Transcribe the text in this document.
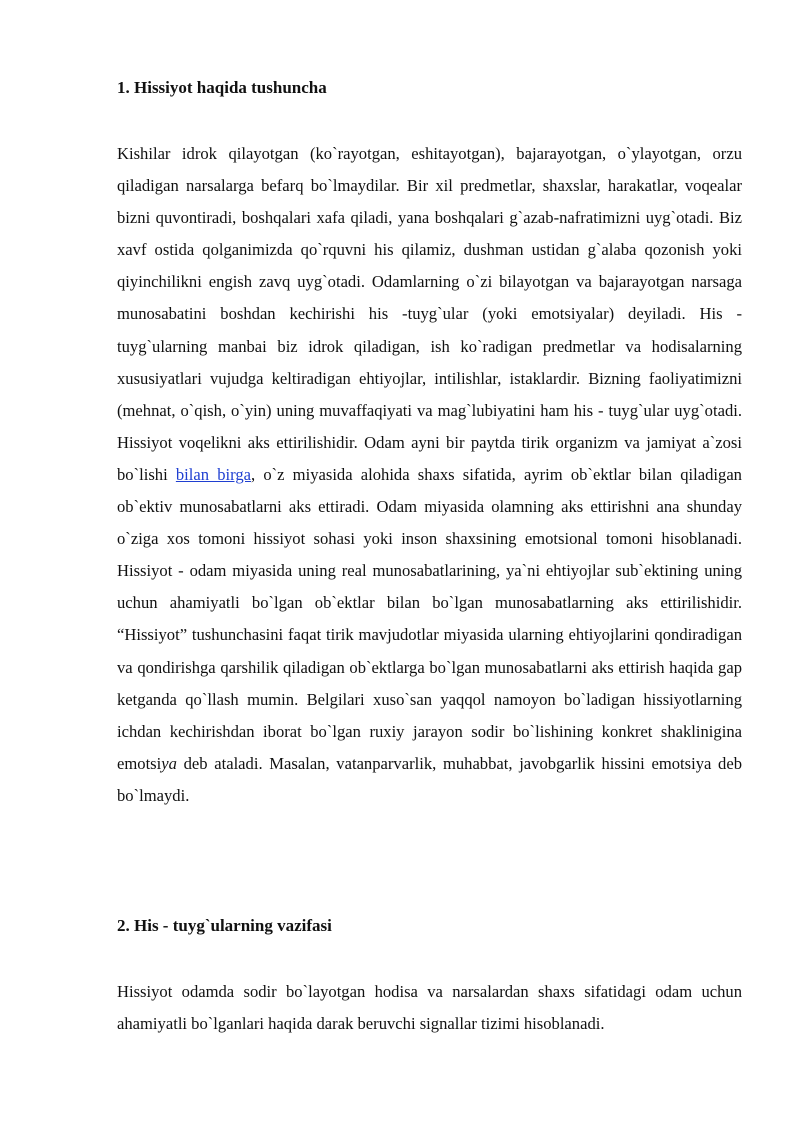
1. Hissiyot haqida tushuncha

Kishilar idrok qilayotgan (ko`rayotgan, eshitayotgan), bajarayotgan, o`ylayotgan, orzu qiladigan narsalarga befarq bo`lmaydilar. Bir xil predmetlar, shaxslar, harakatlar, voqealar bizni quvontiradi, boshqalari xafa qiladi, yana boshqalari g`azab-nafratimizni uyg`otadi. Biz xavf ostida qolganimizda qo`rquvni his qilamiz, dushman ustidan g`alaba qozonish yoki qiyinchilikni engish zavq uyg`otadi. Odamlarning o`zi bilayotgan va bajarayotgan narsaga munosabatini boshdan kechirishi his -tuyg`ular (yoki emotsiyalar) deyiladi. His - tuyg`ularning manbai biz idrok qiladigan, ish ko`radigan predmetlar va hodisalarning xususiyatlari vujudga keltiradigan ehtiyojlar, intilishlar, istaklardir. Bizning faoliyatimizni (mehnat, o`qish, o`yin) uning muvaffaqiyati va mag`lubiyatini ham his - tuyg`ular uyg`otadi. Hissiyot voqelikni aks ettirilishidir. Odam ayni bir paytda tirik organizm va jamiyat a`zosi bo`lishi bilan birga, o`z miyasida alohida shaxs sifatida, ayrim ob`ektlar bilan qiladigan ob`ektiv munosabatlarni aks ettiradi. Odam miyasida olamning aks ettirishni ana shunday o`ziga xos tomoni hissiyot sohasi yoki inson shaxsining emotsional tomoni hisoblanadi. Hissiyot - odam miyasida uning real munosabatlarining, ya`ni ehtiyojlar sub`ektining uning uchun ahamiyatli bo`lgan ob`ektlar bilan bo`lgan munosabatlarning aks ettirilishidir. “Hissiyot” tushunchasini faqat tirik mavjudotlar miyasida ularning ehtiyojlarini qondiradigan va qondirishga qarshilik qiladigan ob`ektlarga bo`lgan munosabatlarni aks ettirish haqida gap ketganda qo`llash mumin. Belgilari xuso`san yaqqol namoyon bo`ladigan hissiyotlarning ichdan kechirishdan iborat bo`lgan ruxiy jarayon sodir bo`lishining konkret shaklinigina emotsiya deb ataladi. Masalan, vatanparvarlik, muhabbat, javobgarlik hissini emotsiya deb bo`lmaydi.

2. His - tuyg`ularning vazifasi

Hissiyot odamda sodir bo`layotgan hodisa va narsalardan shaxs sifatidagi odam uchun ahamiyatli bo`lganlari haqida darak beruvchi signallar tizimi hisoblanadi.
